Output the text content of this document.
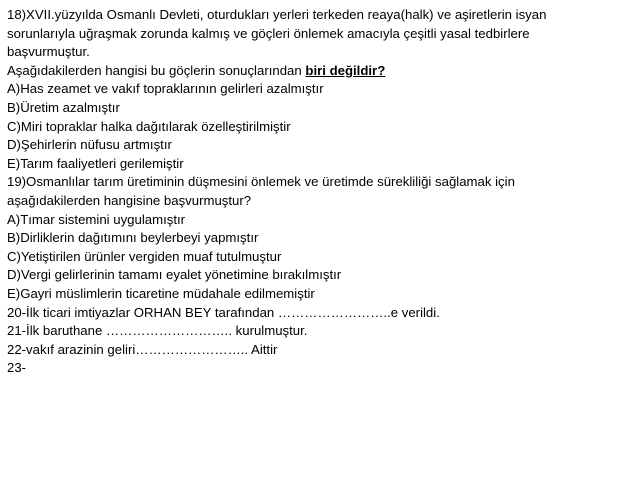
18)XVII.yüzyılda Osmanlı Devleti, oturdukları yerleri terkeden reaya(halk) ve aşiretlerin isyan

sorunlarıyla uğraşmak zorunda kalmış ve göçleri önlemek amacıyla çeşitli yasal tedbirlere

başvurmuştur.

Aşağıdakilerden hangisi bu göçlerin sonuçlarından biri değildir?

A)Has zeamet ve vakıf topraklarının gelirleri azalmıştır

B)Üretim azalmıştır

C)Miri topraklar halka dağıtılarak özelleştirilmiştir

D)Şehirlerin nüfusu artmıştır

E)Tarım faaliyetleri gerilemiştir

19)Osmanlılar tarım üretiminin düşmesini önlemek ve üretimde sürekliliği sağlamak için

aşağıdakilerden hangisine başvurmuştur?

A)Tımar sistemini uygulamıştır

B)Dirliklerin dağıtımını beylerbeyi yapmıştır

C)Yetiştirilen ürünler vergiden muaf tutulmuştur

D)Vergi gelirlerinin tamamı eyalet yönetimine bırakılmıştır

E)Gayri müslimlerin ticaretine müdahale edilmemiştir

20-İlk ticari imtiyazlar ORHAN BEY tarafından ……………………..e verildi.

21-İlk baruthane ……………………….. kurulmuştur.

22-vakıf arazinin geliri…………………….. Aittir

23-
